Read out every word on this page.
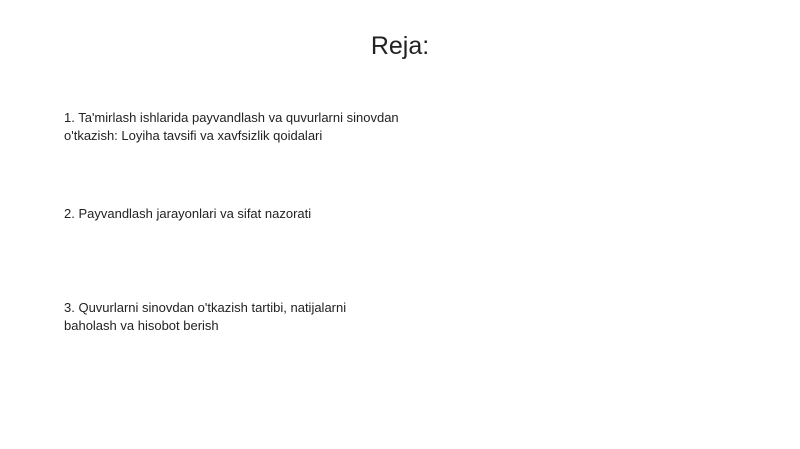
Reja:
1. Ta'mirlash ishlarida payvandlash va quvurlarni sinovdan o'tkazish: Loyiha tavsifi va xavfsizlik qoidalari
2. Payvandlash jarayonlari va sifat nazorati
3. Quvurlarni sinovdan o'tkazish tartibi, natijalarni baholash va hisobot berish
